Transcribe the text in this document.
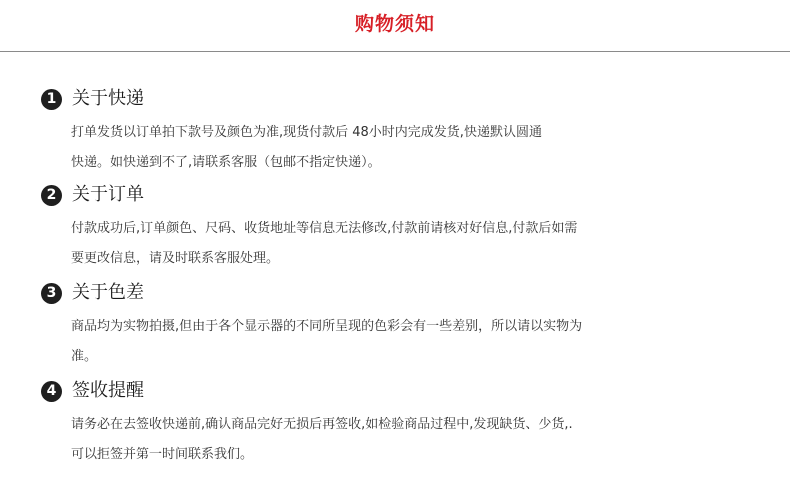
购物须知
1 关于快递

打单发货以订单拍下款号及颜色为准,现货付款后 48小时内完成发货,快递默认圆通

快递。如快递到不了,请联系客服（包邮不指定快递）。

2 关于订单

付款成功后,订单颜色、尺码、收货地址等信息无法修改,付款前请核对好信息,付款后如需

要更改信息，请及时联系客服处理。

3 关于色差

商品均为实物拍摄,但由于各个显示器的不同所呈现的色彩会有一些差别，所以请以实物为

准。

4 签收提醒

请务必在去签收快递前,确认商品完好无损后再签收,如检验商品过程中,发现缺货、少货,.

可以拒签并第一时间联系我们。
